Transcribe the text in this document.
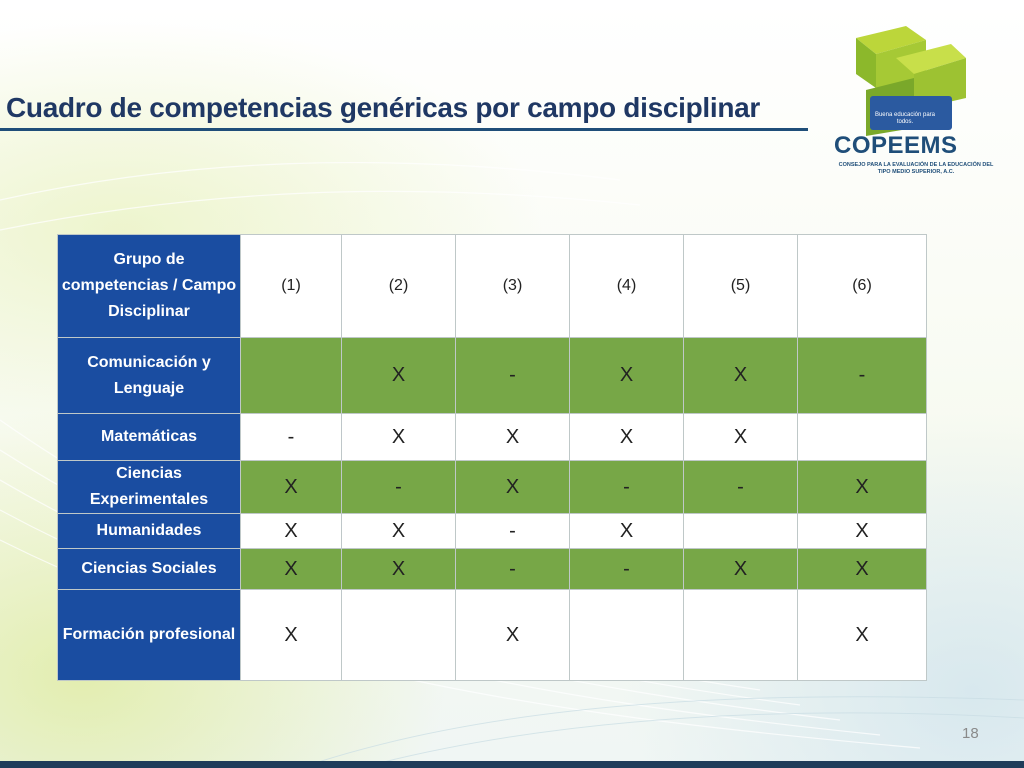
Cuadro de competencias genéricas por campo disciplinar	Buena educación para todos.
COPEEMS
CONSEJO PARA LA EVALUACIÓN DE LA EDUCACIÓN DEL TIPO MEDIO SUPERIOR, A.C.
Grupo de competencias / Campo Disciplinar	(1)	(2)	(3)	(4)	(5)	(6)
Comunicación y Lenguaje		X	-	X	X	-
Matemáticas	-	X	X	X	X	
Ciencias Experimentales	X	-	X	-	-	X
Humanidades	X	X	-	X		X
Ciencias Sociales	X	X	-	-	X	X
Formación profesional	X		X			X
18
